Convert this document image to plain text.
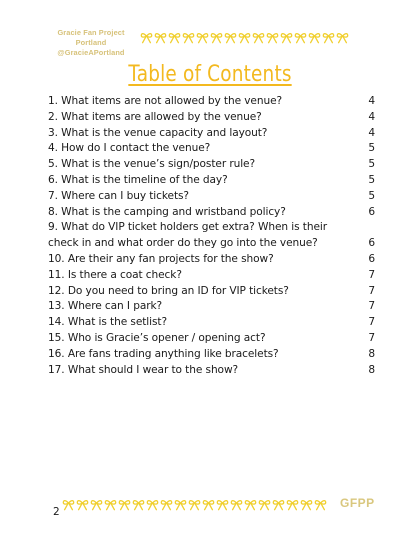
Gracie Fan Project Portland
@GracieAPortland
Table of Contents
1. What items are not allowed by the venue?	4
2. What items are allowed by the venue?	4
3. What is the venue capacity and layout?	4
4. How do I contact the venue?	5
5. What is the venue’s sign/poster rule?	5
6. What is the timeline of the day?	5
7. Where can I buy tickets?	5
8. What is the camping and wristband policy?	6
9. What do VIP ticket holders get extra? When is their check in and what order do they go into the venue?	6
10. Are their any fan projects for the show?	6
11. Is there a coat check?	7
12. Do you need to bring an ID for VIP tickets?	7
13. Where can I park?	7
14. What is the setlist?	7
15. Who is Gracie’s opener / opening act?	7
16. Are fans trading anything like bracelets?	8
17. What should I wear to the show?	8
2
GFPP
